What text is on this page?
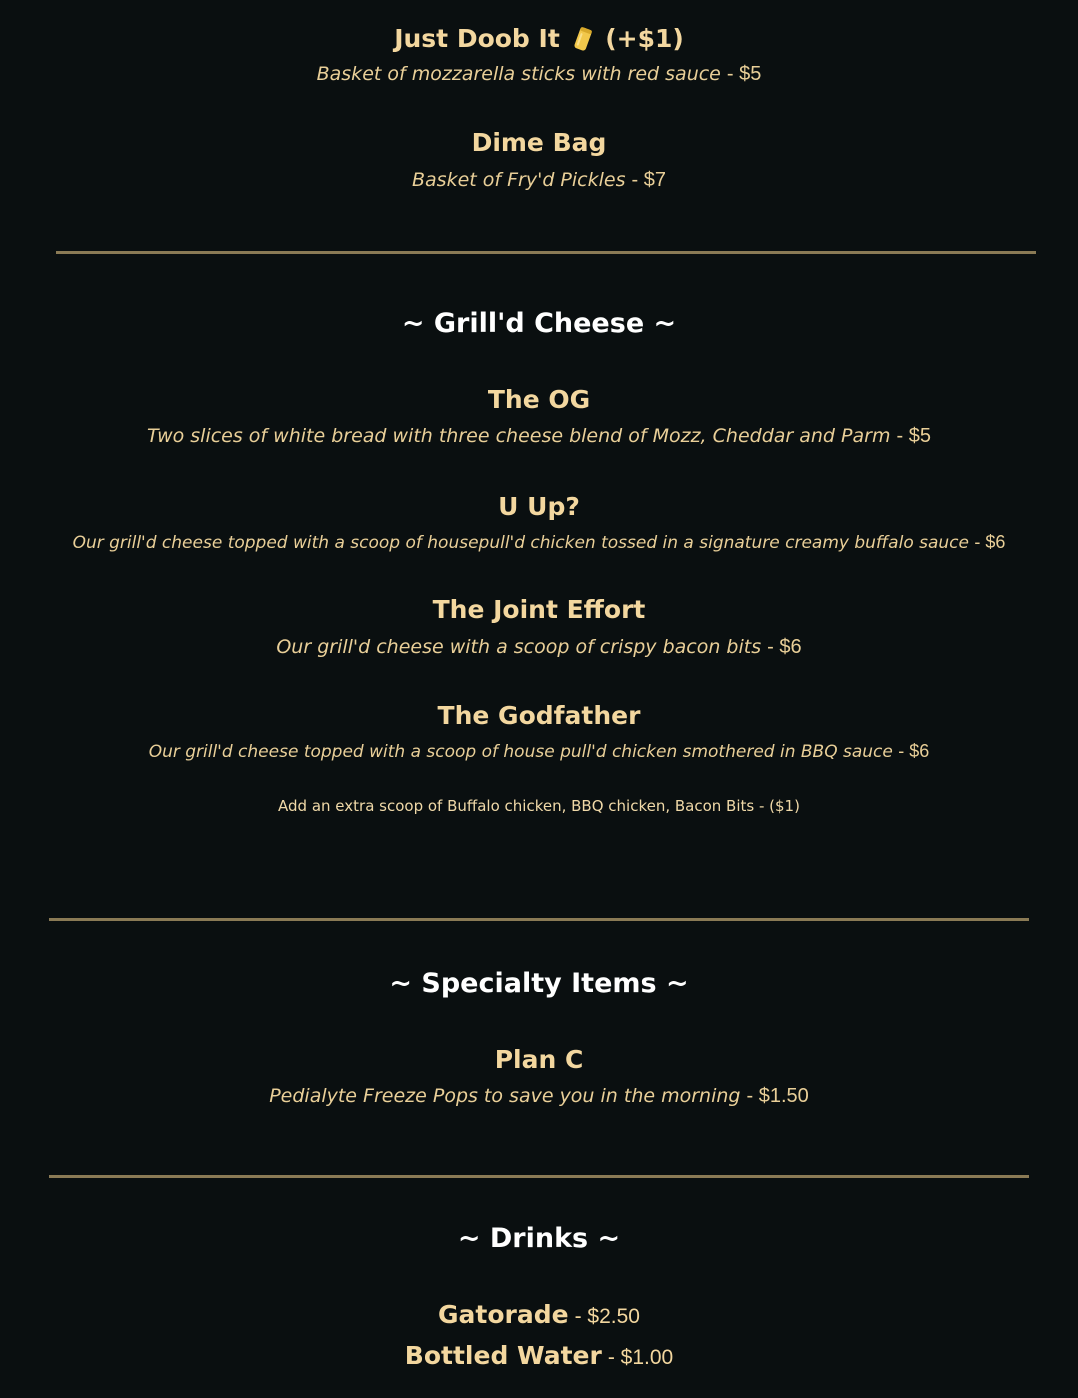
Just Doob It (+$1)
Basket of mozzarella sticks with red sauce - $5
Dime Bag
Basket of Fry'd Pickles - $7
~ Grill'd Cheese ~
The OG
Two slices of white bread with three cheese blend of Mozz, Cheddar and Parm - $5
U Up?
Our grill'd cheese topped with a scoop of housepull'd chicken tossed in a signature creamy buffalo sauce - $6
The Joint Effort
Our grill'd cheese with a scoop of crispy bacon bits - $6
The Godfather
Our grill'd cheese topped with a scoop of house pull'd chicken smothered in BBQ sauce - $6
Add an extra scoop of Buffalo chicken, BBQ chicken, Bacon Bits - ($1)
~ Specialty Items ~
Plan C
Pedialyte Freeze Pops to save you in the morning - $1.50
~ Drinks ~
Gatorade - $2.50
Bottled Water - $1.00
